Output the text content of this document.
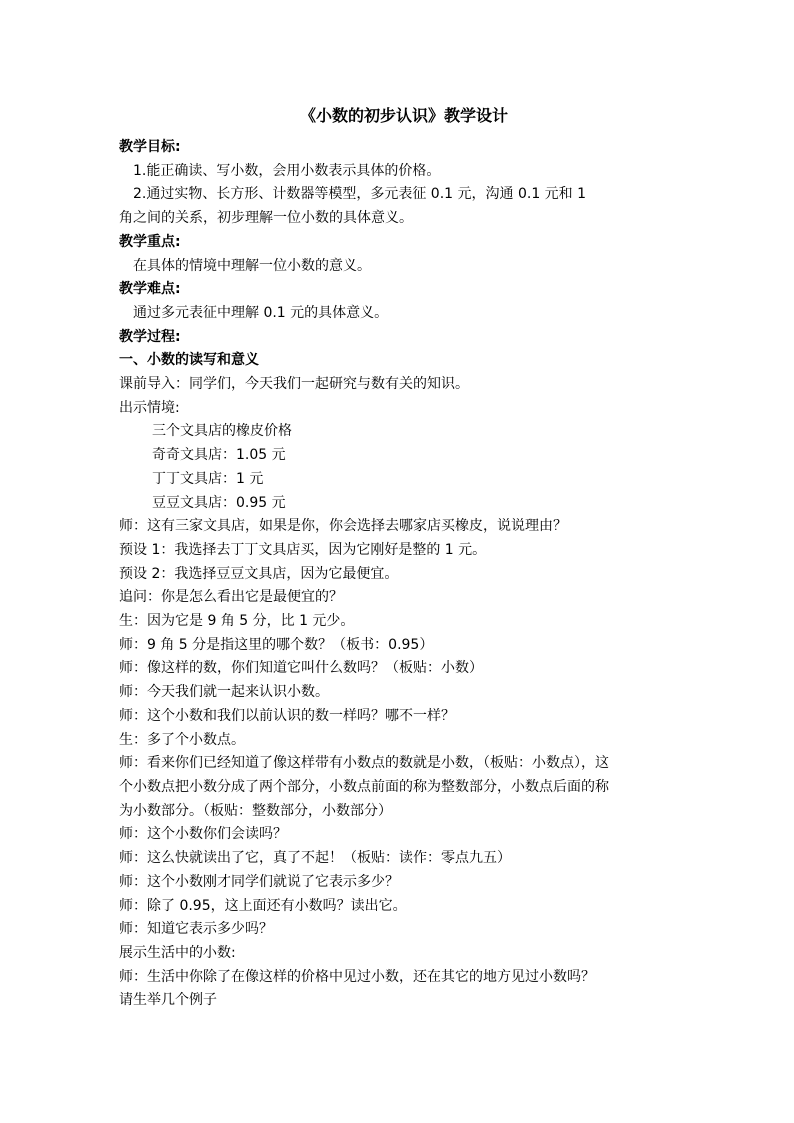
《小数的初步认识》教学设计
教学目标:
1.能正确读、写小数，会用小数表示具体的价格。
2.通过实物、长方形、计数器等模型，多元表征 0.1 元，沟通 0.1 元和 1
角之间的关系，初步理解一位小数的具体意义。
教学重点:
在具体的情境中理解一位小数的意义。
教学难点:
通过多元表征中理解 0.1 元的具体意义。
教学过程:
一、小数的读写和意义
课前导入：同学们，今天我们一起研究与数有关的知识。
出示情境:
三个文具店的橡皮价格
奇奇文具店：1.05 元
丁丁文具店：1 元
豆豆文具店：0.95 元
师：这有三家文具店，如果是你，你会选择去哪家店买橡皮，说说理由？
预设 1：我选择去丁丁文具店买，因为它刚好是整的 1 元。
预设 2：我选择豆豆文具店，因为它最便宜。
追问：你是怎么看出它是最便宜的？
生：因为它是 9 角 5 分，比 1 元少。
师：9 角 5 分是指这里的哪个数？（板书：0.95）
师：像这样的数，你们知道它叫什么数吗？（板贴：小数）
师：今天我们就一起来认识小数。
师：这个小数和我们以前认识的数一样吗？哪不一样？
生：多了个小数点。
师：看来你们已经知道了像这样带有小数点的数就是小数，（板贴：小数点），这
个小数点把小数分成了两个部分，小数点前面的称为整数部分，小数点后面的称
为小数部分。（板贴：整数部分，小数部分）
师：这个小数你们会读吗？
师：这么快就读出了它，真了不起！（板贴：读作：零点九五）
师：这个小数刚才同学们就说了它表示多少？
师：除了 0.95，这上面还有小数吗？读出它。
师：知道它表示多少吗？
展示生活中的小数:
师：生活中你除了在像这样的价格中见过小数，还在其它的地方见过小数吗？
请生举几个例子
